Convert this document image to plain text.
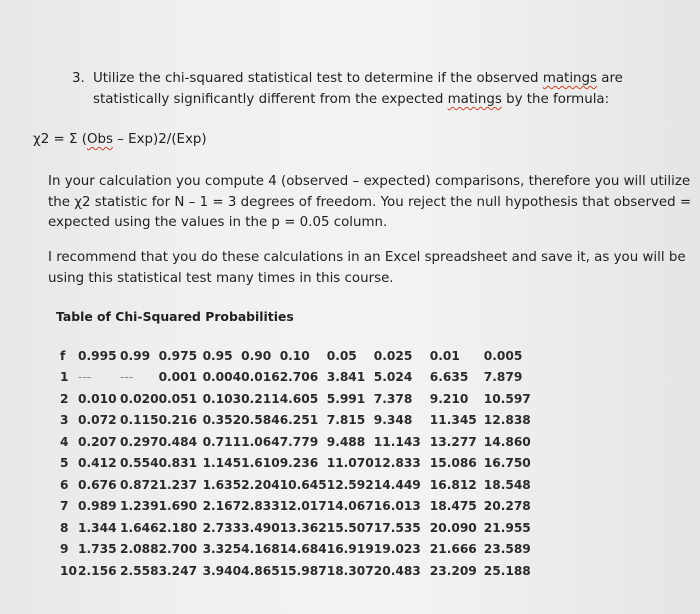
3. Utilize the chi-squared statistical test to determine if the observed matings are
statistically significantly different from the expected matings by the formula:
χ2 = Σ (Obs – Exp)2/(Exp)
In your calculation you compute 4 (observed – expected) comparisons, therefore you will utilize
the χ2 statistic for N – 1 = 3 degrees of freedom. You reject the null hypothesis that observed =
expected using the values in the p = 0.05 column.
I recommend that you do these calculations in an Excel spreadsheet and save it, as you will be
using this statistical test many times in this course.
Table of Chi-Squared Probabilities
f	0.995	0.99	0.975	0.95	0.90	0.10	0.05	0.025	0.01	0.005
1	---	---	0.001	0.004	0.016	2.706	3.841	5.024	6.635	7.879
2	0.010	0.020	0.051	0.103	0.211	4.605	5.991	7.378	9.210	10.597
3	0.072	0.115	0.216	0.352	0.584	6.251	7.815	9.348	11.345	12.838
4	0.207	0.297	0.484	0.711	1.064	7.779	9.488	11.143	13.277	14.860
5	0.412	0.554	0.831	1.145	1.610	9.236	11.070	12.833	15.086	16.750
6	0.676	0.872	1.237	1.635	2.204	10.645	12.592	14.449	16.812	18.548
7	0.989	1.239	1.690	2.167	2.833	12.017	14.067	16.013	18.475	20.278
8	1.344	1.646	2.180	2.733	3.490	13.362	15.507	17.535	20.090	21.955
9	1.735	2.088	2.700	3.325	4.168	14.684	16.919	19.023	21.666	23.589
10	2.156	2.558	3.247	3.940	4.865	15.987	18.307	20.483	23.209	25.188
